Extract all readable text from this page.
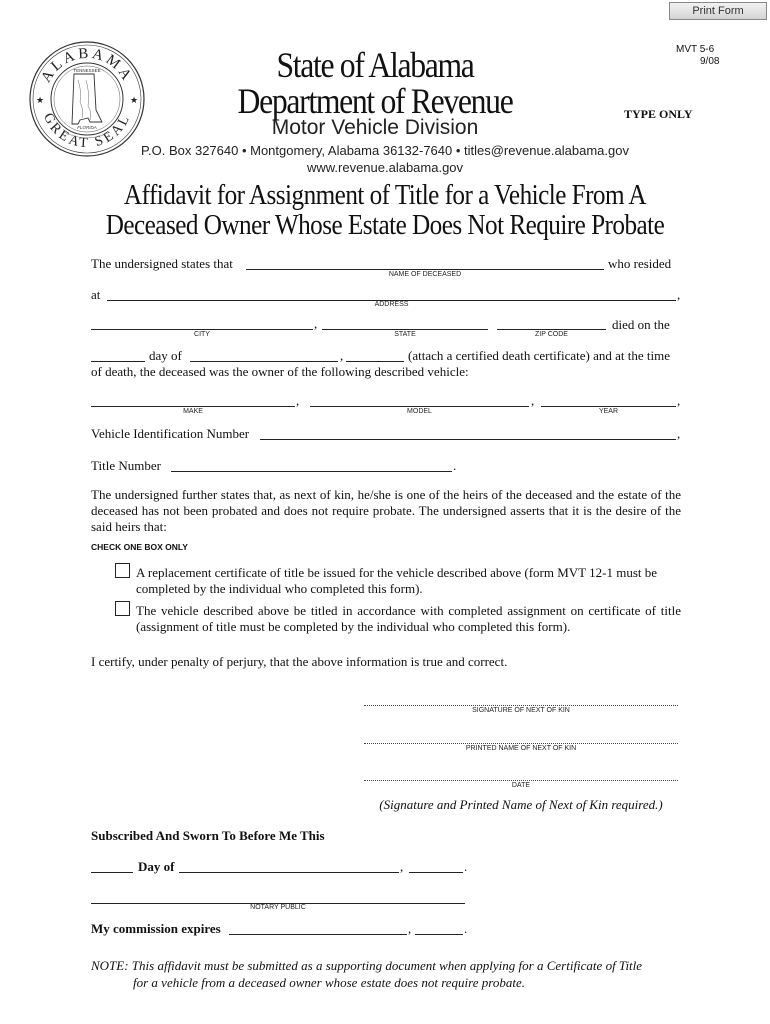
Print Form
ALABAMA
GREAT SEAL
★	★
TENNESSEE
FLORIDA
MVT 5-6
9/08
TYPE ONLY
State of Alabama
Department of Revenue
Motor Vehicle Division
P.O. Box 327640 • Montgomery, Alabama 36132-7640 • titles@revenue.alabama.gov
www.revenue.alabama.gov
Affidavit for Assignment of Title for a Vehicle From A
Deceased Owner Whose Estate Does Not Require Probate
The undersigned states that	who resided
NAME OF DECEASED
at	,
ADDRESS
,	died on the
CITY	STATE	ZIP CODE
day of	,	(attach a certified death certificate) and at the time
of death, the deceased was the owner of the following described vehicle:
,	,	,
MAKE	MODEL	YEAR
Vehicle Identification Number	,
Title Number	.
The undersigned further states that, as next of kin, he/she is one of the heirs of the deceased and the estate of the deceased has not been probated and does not require probate. The undersigned asserts that it is the desire of the said heirs that:
CHECK ONE BOX ONLY
A replacement certificate of title be issued for the vehicle described above (form MVT 12-1 must be completed by the individual who completed this form).
The vehicle described above be titled in accordance with completed assignment on certificate of title (assignment of title must be completed by the individual who completed this form).
I certify, under penalty of perjury, that the above information is true and correct.
SIGNATURE OF NEXT OF KIN
PRINTED NAME OF NEXT OF KIN
DATE
(Signature and Printed Name of Next of Kin required.)
Subscribed And Sworn To Before Me This
Day of	,	.
NOTARY PUBLIC
My commission expires	,	.
NOTE: This affidavit must be submitted as a supporting document when applying for a Certificate of Title
for a vehicle from a deceased owner whose estate does not require probate.
